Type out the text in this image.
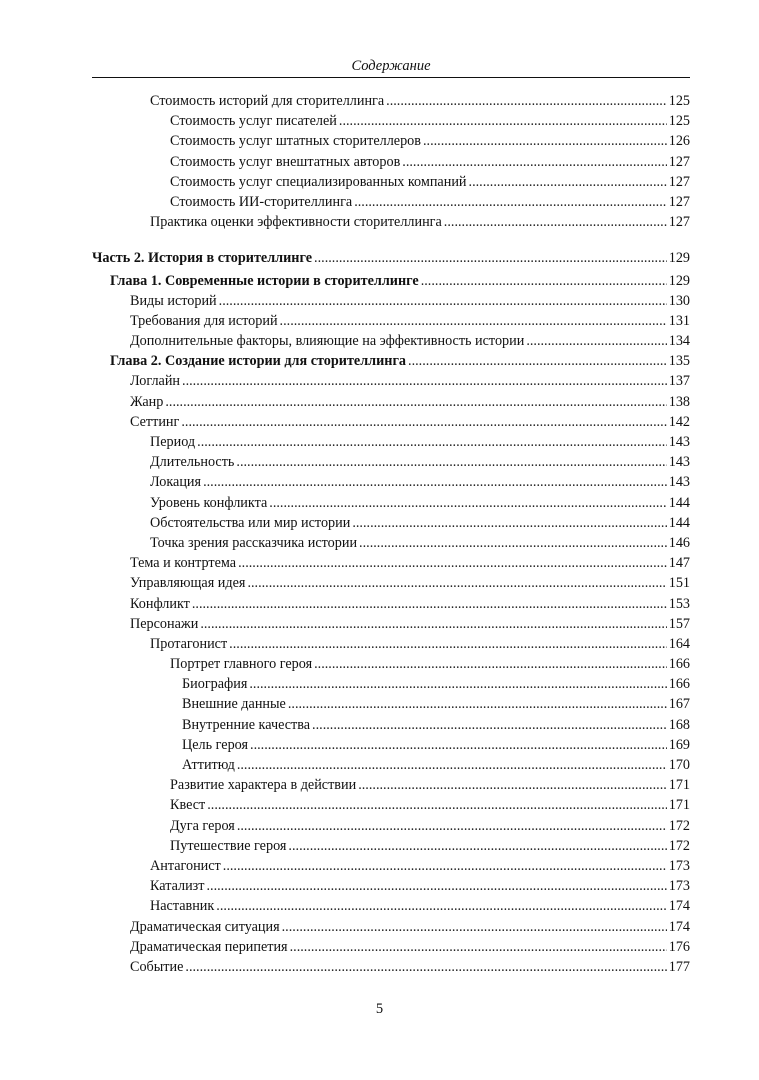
Содержание
Стоимость историй для сторителлинга .....	125
Стоимость услуг писателей .....	125
Стоимость услуг штатных сторителлеров .....	126
Стоимость услуг внештатных авторов .....	127
Стоимость услуг специализированных компаний .....	127
Стоимость ИИ-сторителлинга .....	127
Практика оценки эффективности сторителлинга .....	127
Часть 2. История в сторителлинге .....	129
Глава 1. Современные истории в сторителлинге .....	129
Виды историй .....	130
Требования для историй .....	131
Дополнительные факторы, влияющие на эффективность истории .....	134
Глава 2. Создание истории для сторителлинга .....	135
Логлайн .....	137
Жанр .....	138
Сеттинг .....	142
Период .....	143
Длительность .....	143
Локация .....	143
Уровень конфликта .....	144
Обстоятельства или мир истории .....	144
Точка зрения рассказчика истории .....	146
Тема и контртема .....	147
Управляющая идея .....	151
Конфликт .....	153
Персонажи .....	157
Протагонист .....	164
Портрет главного героя .....	166
Биография .....	166
Внешние данные .....	167
Внутренние качества .....	168
Цель героя .....	169
Аттитюд .....	170
Развитие характера в действии .....	171
Квест .....	171
Дуга героя .....	172
Путешествие героя .....	172
Антагонист .....	173
Катализт .....	173
Наставник .....	174
Драматическая ситуация .....	174
Драматическая перипетия .....	176
Событие .....	177
5
